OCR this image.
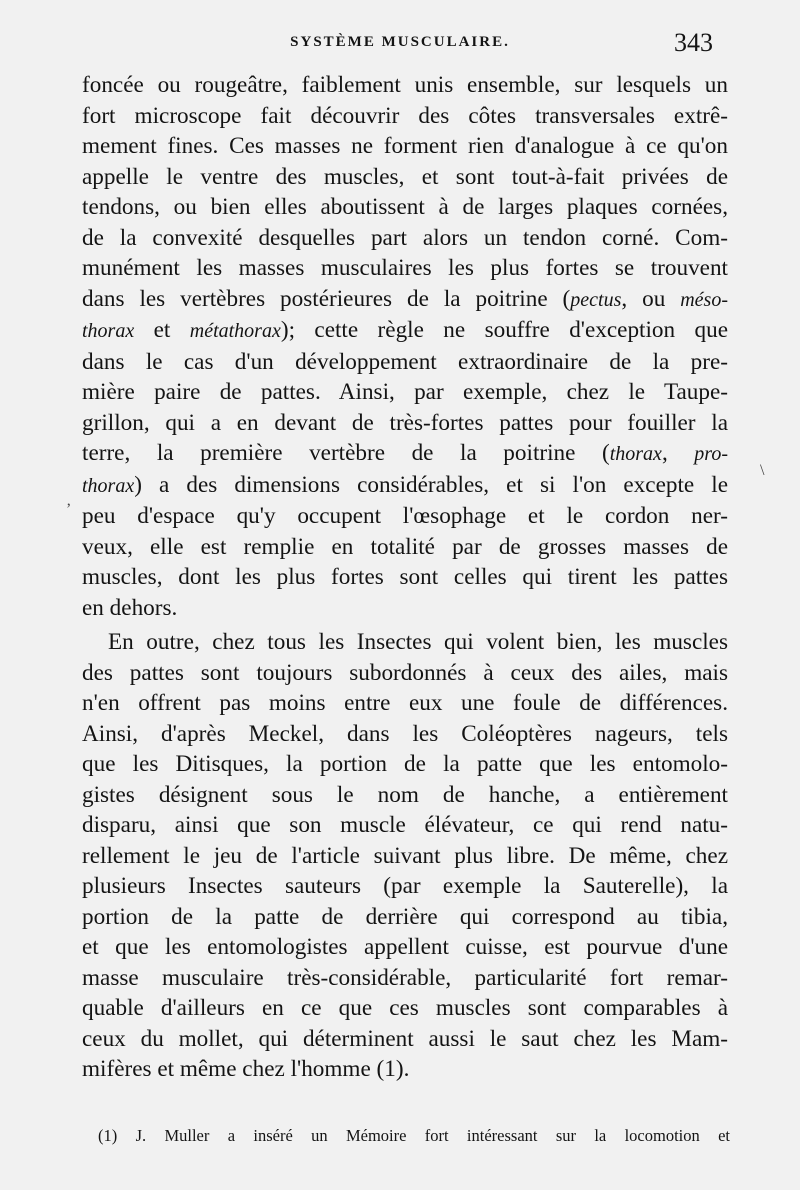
SYSTÈME MUSCULAIRE.	343
foncée ou rougeâtre, faiblement unis ensemble, sur lesquels un
fort microscope fait découvrir des côtes transversales extrê-
mement fines. Ces masses ne forment rien d'analogue à ce qu'on
appelle le ventre des muscles, et sont tout-à-fait privées de
tendons, ou bien elles aboutissent à de larges plaques cornées,
de la convexité desquelles part alors un tendon corné. Com-
munément les masses musculaires les plus fortes se trouvent
dans les vertèbres postérieures de la poitrine (pectus, ou méso-
thorax et métathorax); cette règle ne souffre d'exception que
dans le cas d'un développement extraordinaire de la pre-
mière paire de pattes. Ainsi, par exemple, chez le Taupe-
grillon, qui a en devant de très-fortes pattes pour fouiller la
terre, la première vertèbre de la poitrine (thorax, pro-
thorax) a des dimensions considérables, et si l'on excepte le
peu d'espace qu'y occupent l'œsophage et le cordon ner-
veux, elle est remplie en totalité par de grosses masses de
muscles, dont les plus fortes sont celles qui tirent les pattes
en dehors.
En outre, chez tous les Insectes qui volent bien, les muscles
des pattes sont toujours subordonnés à ceux des ailes, mais
n'en offrent pas moins entre eux une foule de différences.
Ainsi, d'après Meckel, dans les Coléoptères nageurs, tels
que les Ditisques, la portion de la patte que les entomolo-
gistes désignent sous le nom de hanche, a entièrement
disparu, ainsi que son muscle élévateur, ce qui rend natu-
rellement le jeu de l'article suivant plus libre. De même, chez
plusieurs Insectes sauteurs (par exemple la Sauterelle), la
portion de la patte de derrière qui correspond au tibia,
et que les entomologistes appellent cuisse, est pourvue d'une
masse musculaire très-considérable, particularité fort remar-
quable d'ailleurs en ce que ces muscles sont comparables à
ceux du mollet, qui déterminent aussi le saut chez les Mam-
mifères et même chez l'homme (1).
\
‚
(1) J. Muller a inséré un Mémoire fort intéressant sur la locomotion et
